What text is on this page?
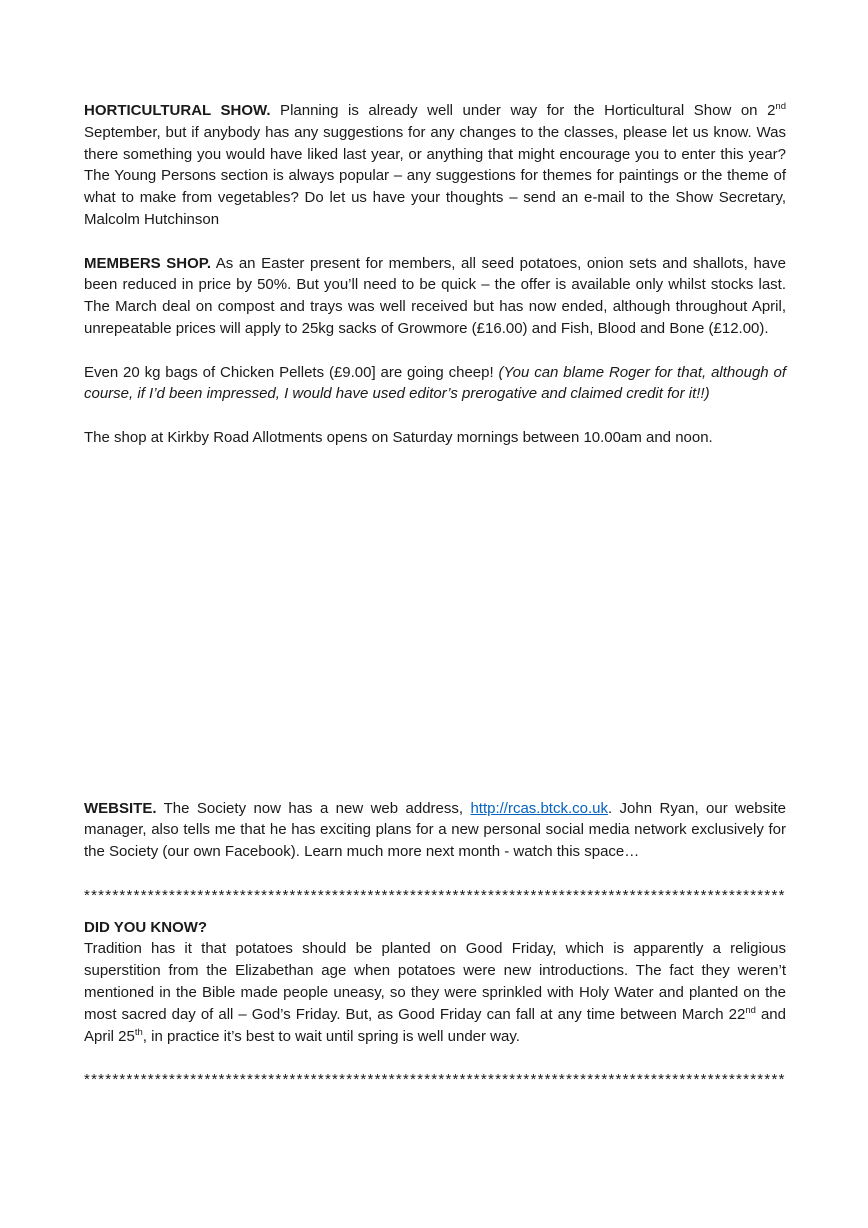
HORTICULTURAL SHOW. Planning is already well under way for the Horticultural Show on 2nd September, but if anybody has any suggestions for any changes to the classes, please let us know. Was there something you would have liked last year, or anything that might encourage you to enter this year? The Young Persons section is always popular – any suggestions for themes for paintings or the theme of what to make from vegetables? Do let us have your thoughts – send an e-mail to the Show Secretary, Malcolm Hutchinson

MEMBERS SHOP. As an Easter present for members, all seed potatoes, onion sets and shallots, have been reduced in price by 50%. But you’ll need to be quick – the offer is available only whilst stocks last. The March deal on compost and trays was well received but has now ended, although throughout April, unrepeatable prices will apply to 25kg sacks of Growmore (£16.00) and Fish, Blood and Bone (£12.00).

Even 20 kg bags of Chicken Pellets (£9.00] are going cheep! (You can blame Roger for that, although of course, if I’d been impressed, I would have used editor’s prerogative and claimed credit for it!!)

The shop at Kirkby Road Allotments opens on Saturday mornings between 10.00am and noon.

WEBSITE. The Society now has a new web address, http://rcas.btck.co.uk. John Ryan, our website manager, also tells me that he has exciting plans for a new personal social media network exclusively for the Society (our own Facebook). Learn much more next month - watch this space…

***************************************************************************************************

DID YOU KNOW?

Tradition has it that potatoes should be planted on Good Friday, which is apparently a religious superstition from the Elizabethan age when potatoes were new introductions. The fact they weren’t mentioned in the Bible made people uneasy, so they were sprinkled with Holy Water and planted on the most sacred day of all – God’s Friday. But, as Good Friday can fall at any time between March 22nd and April 25th, in practice it’s best to wait until spring is well under way.

***************************************************************************************************
